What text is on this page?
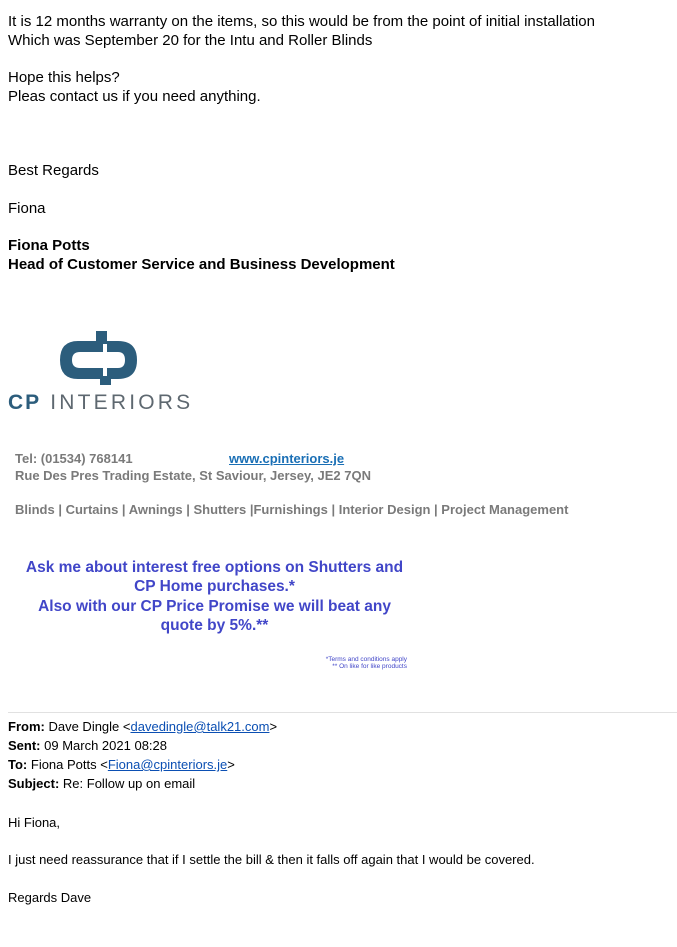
It is 12 months warranty on the items, so this would be from the point of initial installation
Which was September 20 for the Intu and Roller Blinds
Hope this helps?
Pleas contact us if you need anything.
Best Regards
Fiona
Fiona Potts
Head of Customer Service and Business Development
CP INTERIORS
Tel: (01534) 768141	www.cpinteriors.je
Rue Des Pres Trading Estate, St Saviour, Jersey, JE2 7QN
Blinds | Curtains | Awnings | Shutters |Furnishings | Interior Design | Project Management
Ask me about interest free options on Shutters and
CP Home purchases.*
Also with our CP Price Promise we will beat any
quote by 5%.**
*Terms and conditions apply
** On like for like products
From: Dave Dingle <davedingle@talk21.com>
Sent: 09 March 2021 08:28
To: Fiona Potts <Fiona@cpinteriors.je>
Subject: Re: Follow up on email
Hi Fiona,
I just need reassurance that if I settle the bill & then it falls off again that I would be covered.
Regards Dave
